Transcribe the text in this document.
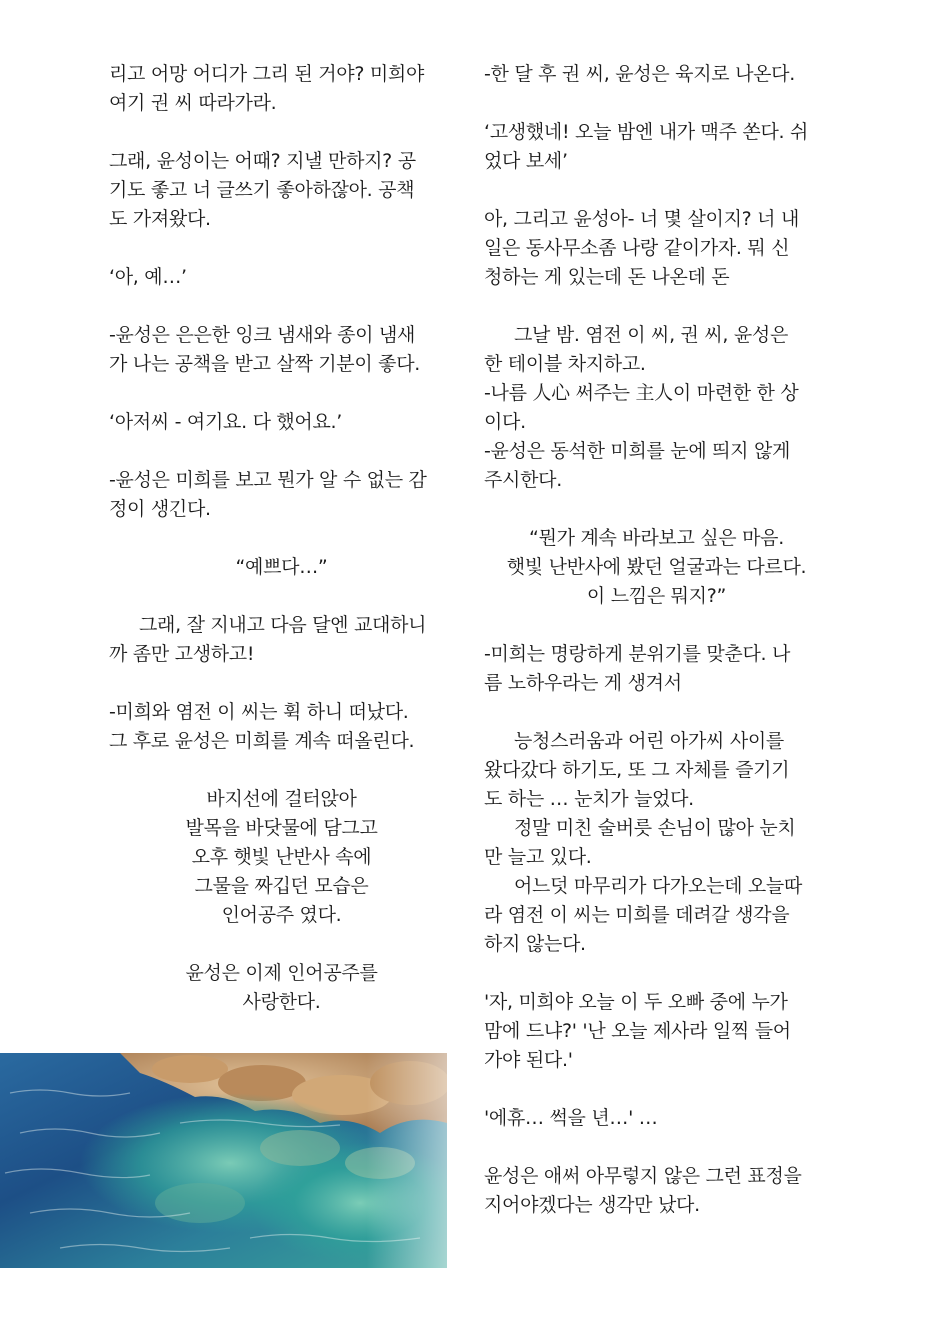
리고 어망 어디가 그리 된 거야? 미희야
여기 권 씨 따라가라.
그래, 윤성이는 어때? 지낼 만하지? 공
기도 좋고 너 글쓰기 좋아하잖아. 공책
도 가져왔다.
‘아, 예…’
-윤성은 은은한 잉크 냄새와 종이 냄새
가 나는 공책을 받고 살짝 기분이 좋다.
‘아저씨 - 여기요. 다 했어요.’
-윤성은 미희를 보고 뭔가 알 수 없는 감
정이 생긴다.
“예쁘다…”
그래, 잘 지내고 다음 달엔 교대하니
까 좀만 고생하고!
-미희와 염전 이 씨는 휙 하니 떠났다.
그 후로 윤성은 미희를 계속 떠올린다.
바지선에 걸터앉아
발목을 바닷물에 담그고
오후 햇빛 난반사 속에
그물을 짜깁던 모습은
인어공주 였다.
윤성은 이제 인어공주를
사랑한다.
-한 달 후 권 씨, 윤성은 육지로 나온다.
‘고생했네! 오늘 밤엔 내가 맥주 쏜다. 쉬
었다 보세’
아, 그리고 윤성아- 너 몇 살이지? 너 내
일은 동사무소좀 나랑 같이가자. 뭐 신
청하는 게 있는데 돈 나온데 돈
그날 밤. 염전 이 씨, 권 씨, 윤성은
한 테이블 차지하고.
-나름 人心 써주는 主人이 마련한 한 상
이다.
-윤성은 동석한 미희를 눈에 띄지 않게
주시한다.
“뭔가 계속 바라보고 싶은 마음.
햇빛 난반사에 봤던 얼굴과는 다르다.
이 느낌은 뭐지?”
-미희는 명랑하게 분위기를 맞춘다. 나
름 노하우라는 게 생겨서
능청스러움과 어린 아가씨 사이를
왔다갔다 하기도, 또 그 자체를 즐기기
도 하는 … 눈치가 늘었다.
정말 미친 술버릇 손님이 많아 눈치
만 늘고 있다.
어느덧 마무리가 다가오는데 오늘따
라 염전 이 씨는 미희를 데려갈 생각을
하지 않는다.
'자, 미희야 오늘 이 두 오빠 중에 누가
맘에 드냐?' '난 오늘 제사라 일찍 들어
가야 된다.'
'에휴… 썩을 년…' …
윤성은 애써 아무렇지 않은 그런 표정을
지어야겠다는 생각만 났다.
